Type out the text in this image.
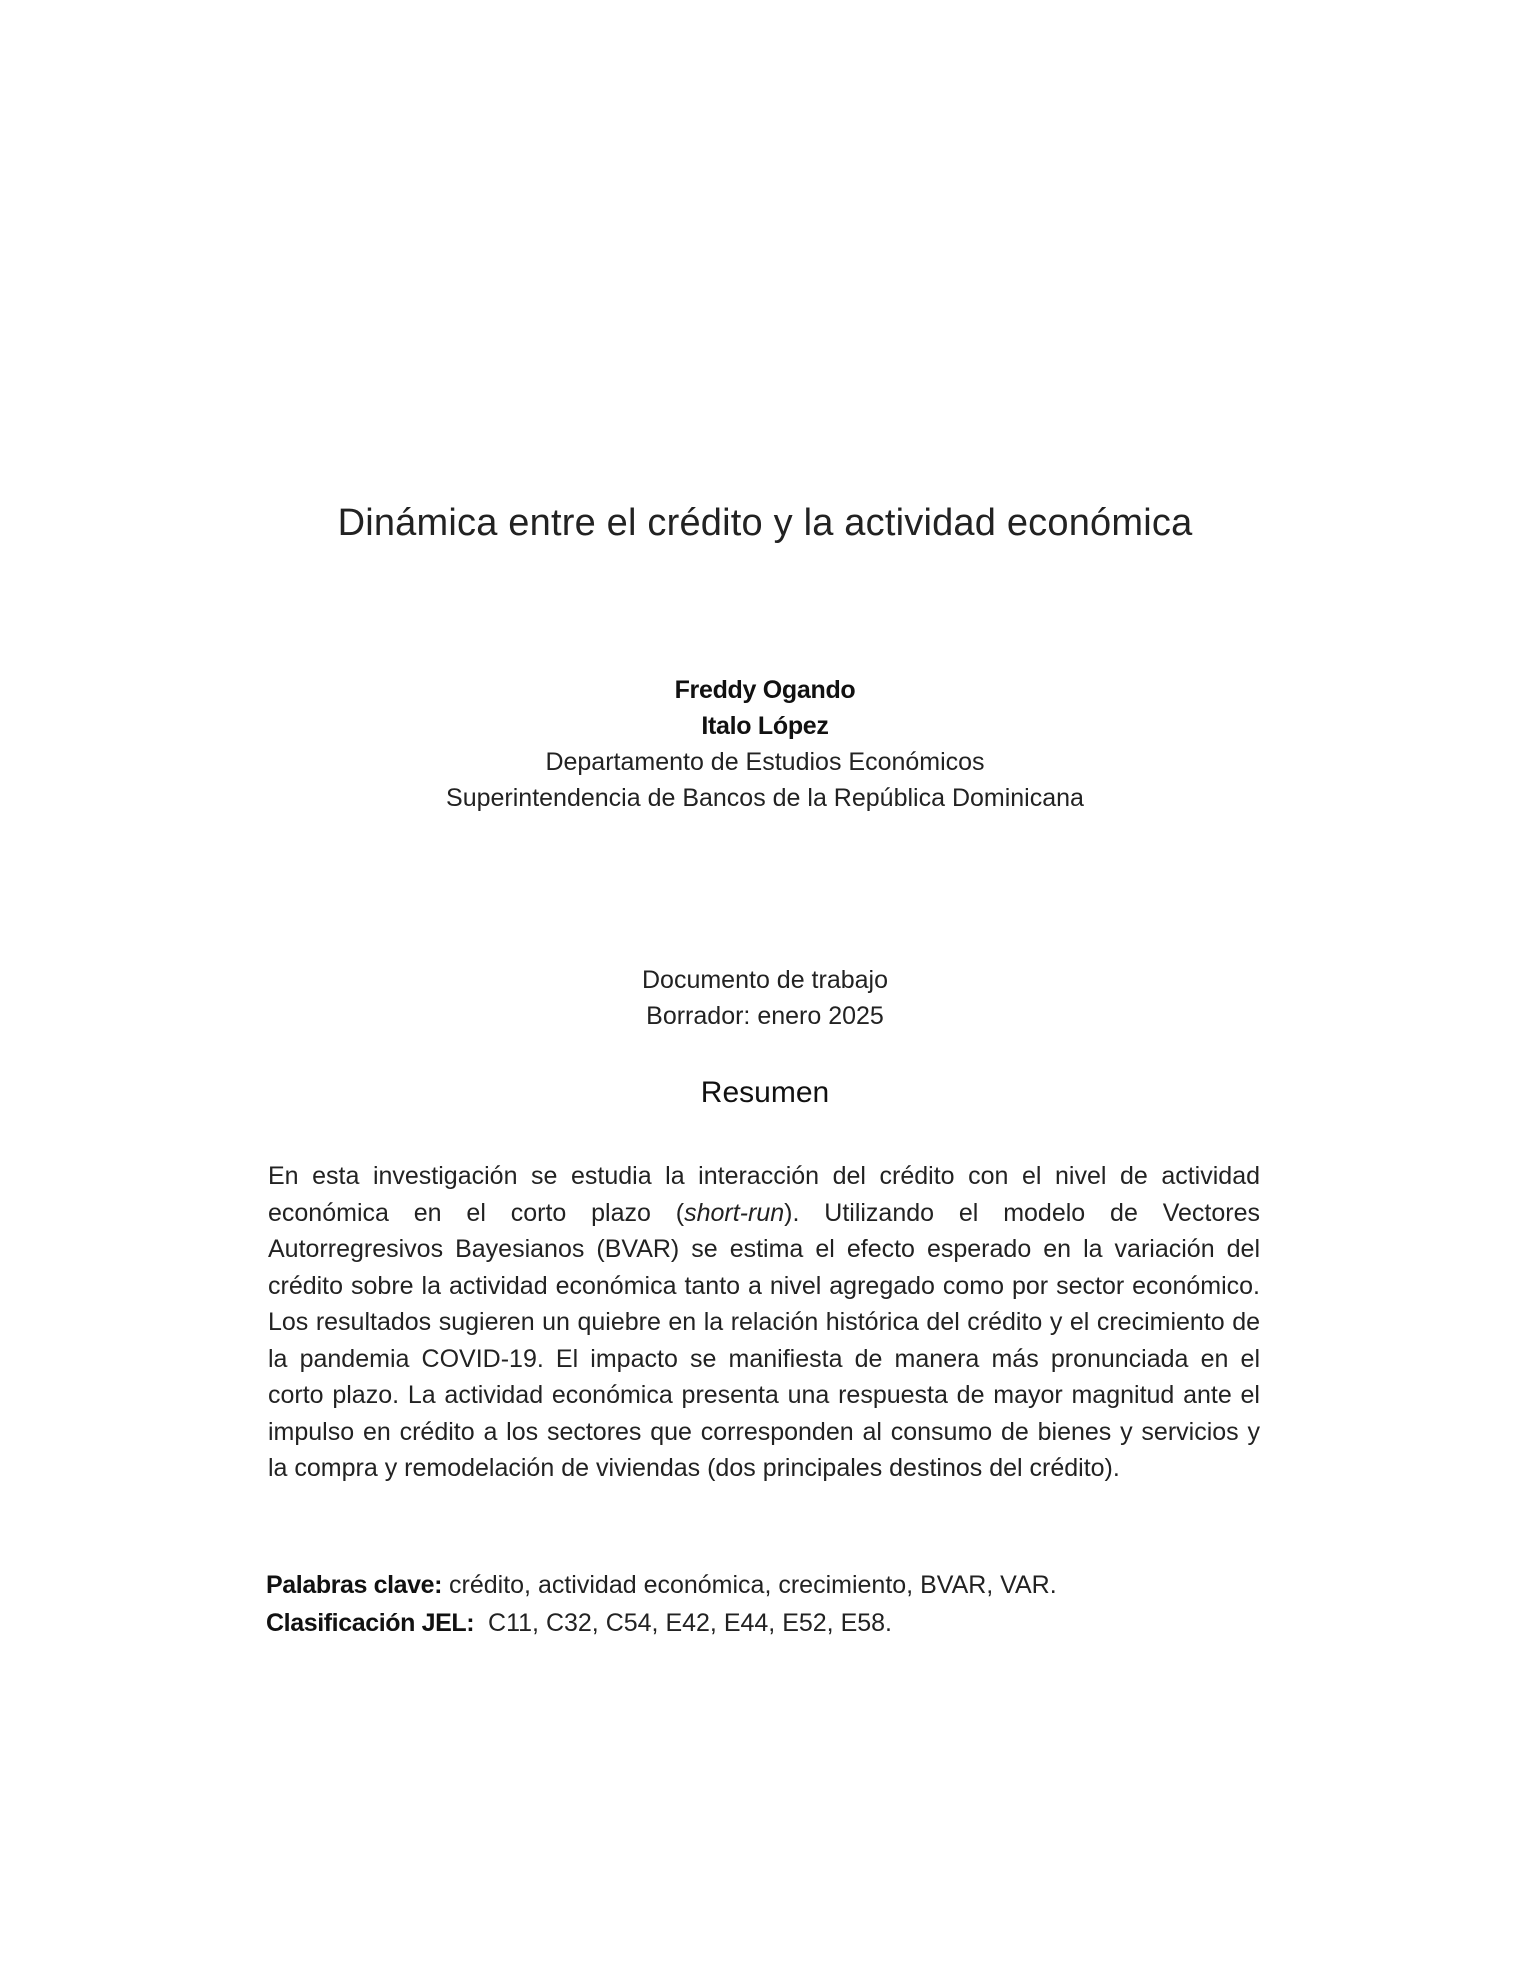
Dinámica entre el crédito y la actividad económica
Freddy Ogando
Italo López
Departamento de Estudios Económicos
Superintendencia de Bancos de la República Dominicana
Documento de trabajo
Borrador: enero 2025
Resumen
En esta investigación se estudia la interacción del crédito con el nivel de actividad económica en el corto plazo (short-run). Utilizando el modelo de Vectores Autorregresivos Bayesianos (BVAR) se estima el efecto esperado en la variación del crédito sobre la actividad económica tanto a nivel agregado como por sector económico. Los resultados sugieren un quiebre en la relación histórica del crédito y el crecimiento de la pandemia COVID-19. El impacto se manifiesta de manera más pronunciada en el corto plazo. La actividad económica presenta una respuesta de mayor magnitud ante el impulso en crédito a los sectores que corresponden al consumo de bienes y servicios y la compra y remodelación de viviendas (dos principales destinos del crédito).
Palabras clave: crédito, actividad económica, crecimiento, BVAR, VAR.
Clasificación JEL:  C11, C32, C54, E42, E44, E52, E58.
